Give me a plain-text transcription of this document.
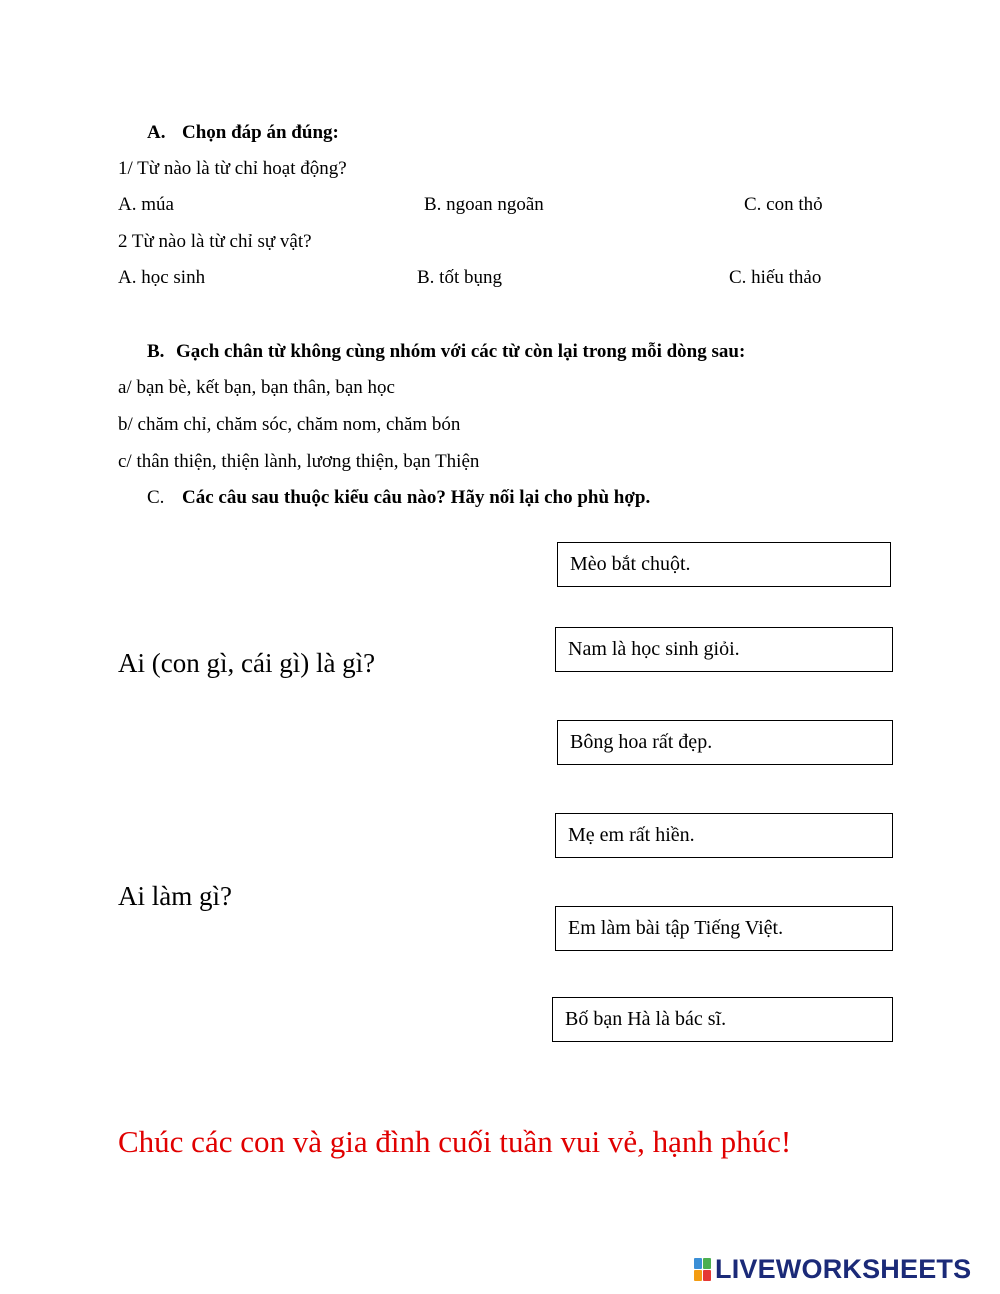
A. Chọn đáp án đúng:
1/ Từ nào là từ chỉ hoạt động?
A. múa	B. ngoan ngoãn	C. con thỏ
2 Từ nào là từ chỉ sự vật?
A. học sinh	B. tốt bụng	C. hiếu thảo
B. Gạch chân từ không cùng nhóm với các từ còn lại trong mỗi dòng sau:
a/ bạn bè, kết bạn, bạn thân, bạn học
b/ chăm chỉ, chăm sóc, chăm nom, chăm bón
c/ thân thiện, thiện lành, lương thiện, bạn Thiện
C. Các câu sau thuộc kiểu câu nào? Hãy nối lại cho phù hợp.
Ai (con gì, cái gì) là gì?
Ai làm gì?
Mèo bắt chuột.
Nam là học sinh giỏi.
Bông hoa rất đẹp.
Mẹ em rất hiền.
Em làm bài tập Tiếng Việt.
Bố bạn Hà là bác sĩ.
Chúc các con và gia đình cuối tuần vui vẻ, hạnh phúc!
LIVEWORKSHEETS
